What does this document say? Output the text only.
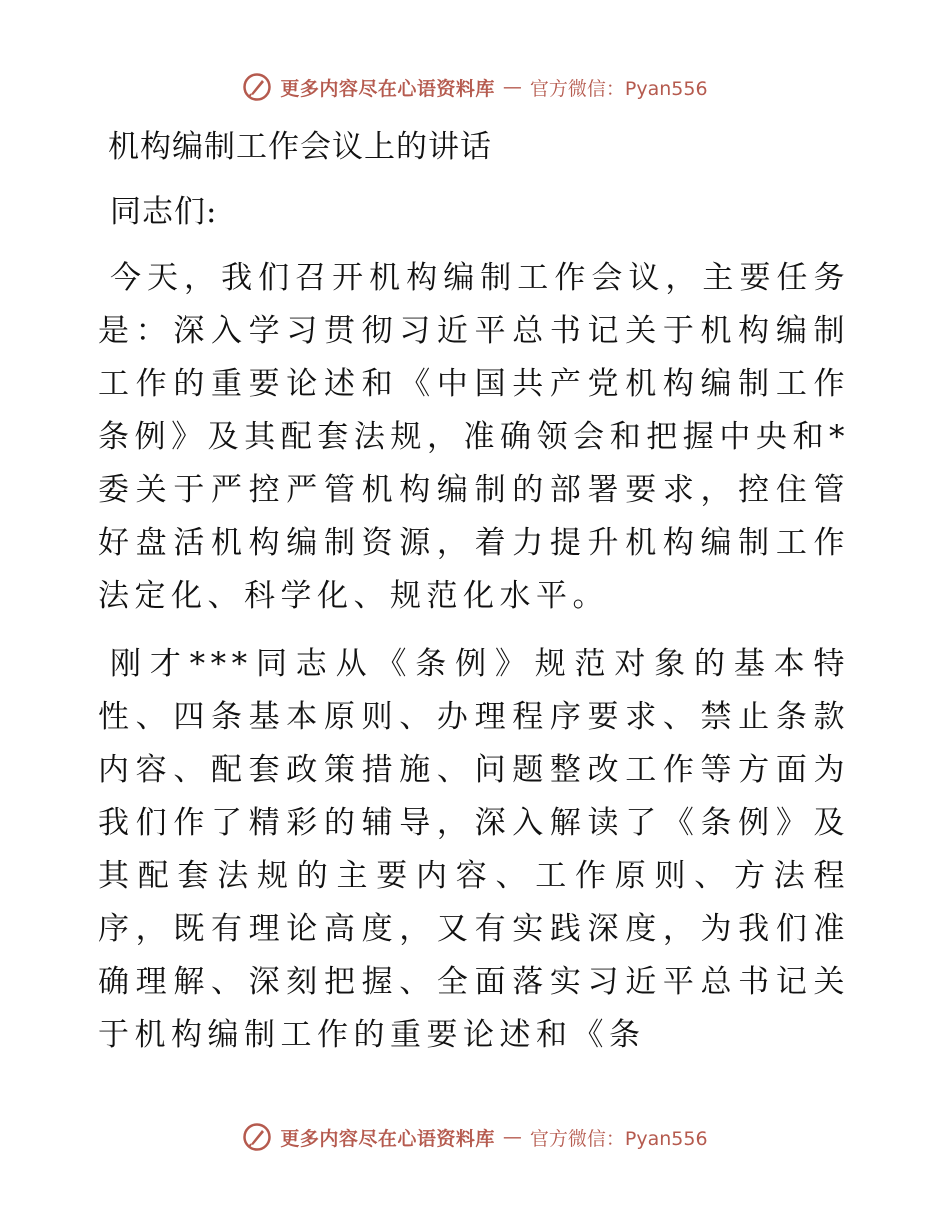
更多内容尽在心语资料库 — 官方微信：Pyan556
机构编制工作会议上的讲话
同志们:

今天，我们召开机构编制工作会议，主要任务是：深入学习贯彻习近平总书记关于机构编制工作的重要论述和《中国共产党机构编制工作条例》及其配套法规，准确领会和把握中央和*委关于严控严管机构编制的部署要求，控住管好盘活机构编制资源，着力提升机构编制工作法定化、科学化、规范化水平。

刚才***同志从《条例》规范对象的基本特性、四条基本原则、办理程序要求、禁止条款内容、配套政策措施、问题整改工作等方面为我们作了精彩的辅导，深入解读了《条例》及其配套法规的主要内容、工作原则、方法程序，既有理论高度，又有实践深度，为我们准确理解、深刻把握、全面落实习近平总书记关于机构编制工作的重要论述和《条

更多内容尽在心语资料库 — 官方微信：Pyan556
